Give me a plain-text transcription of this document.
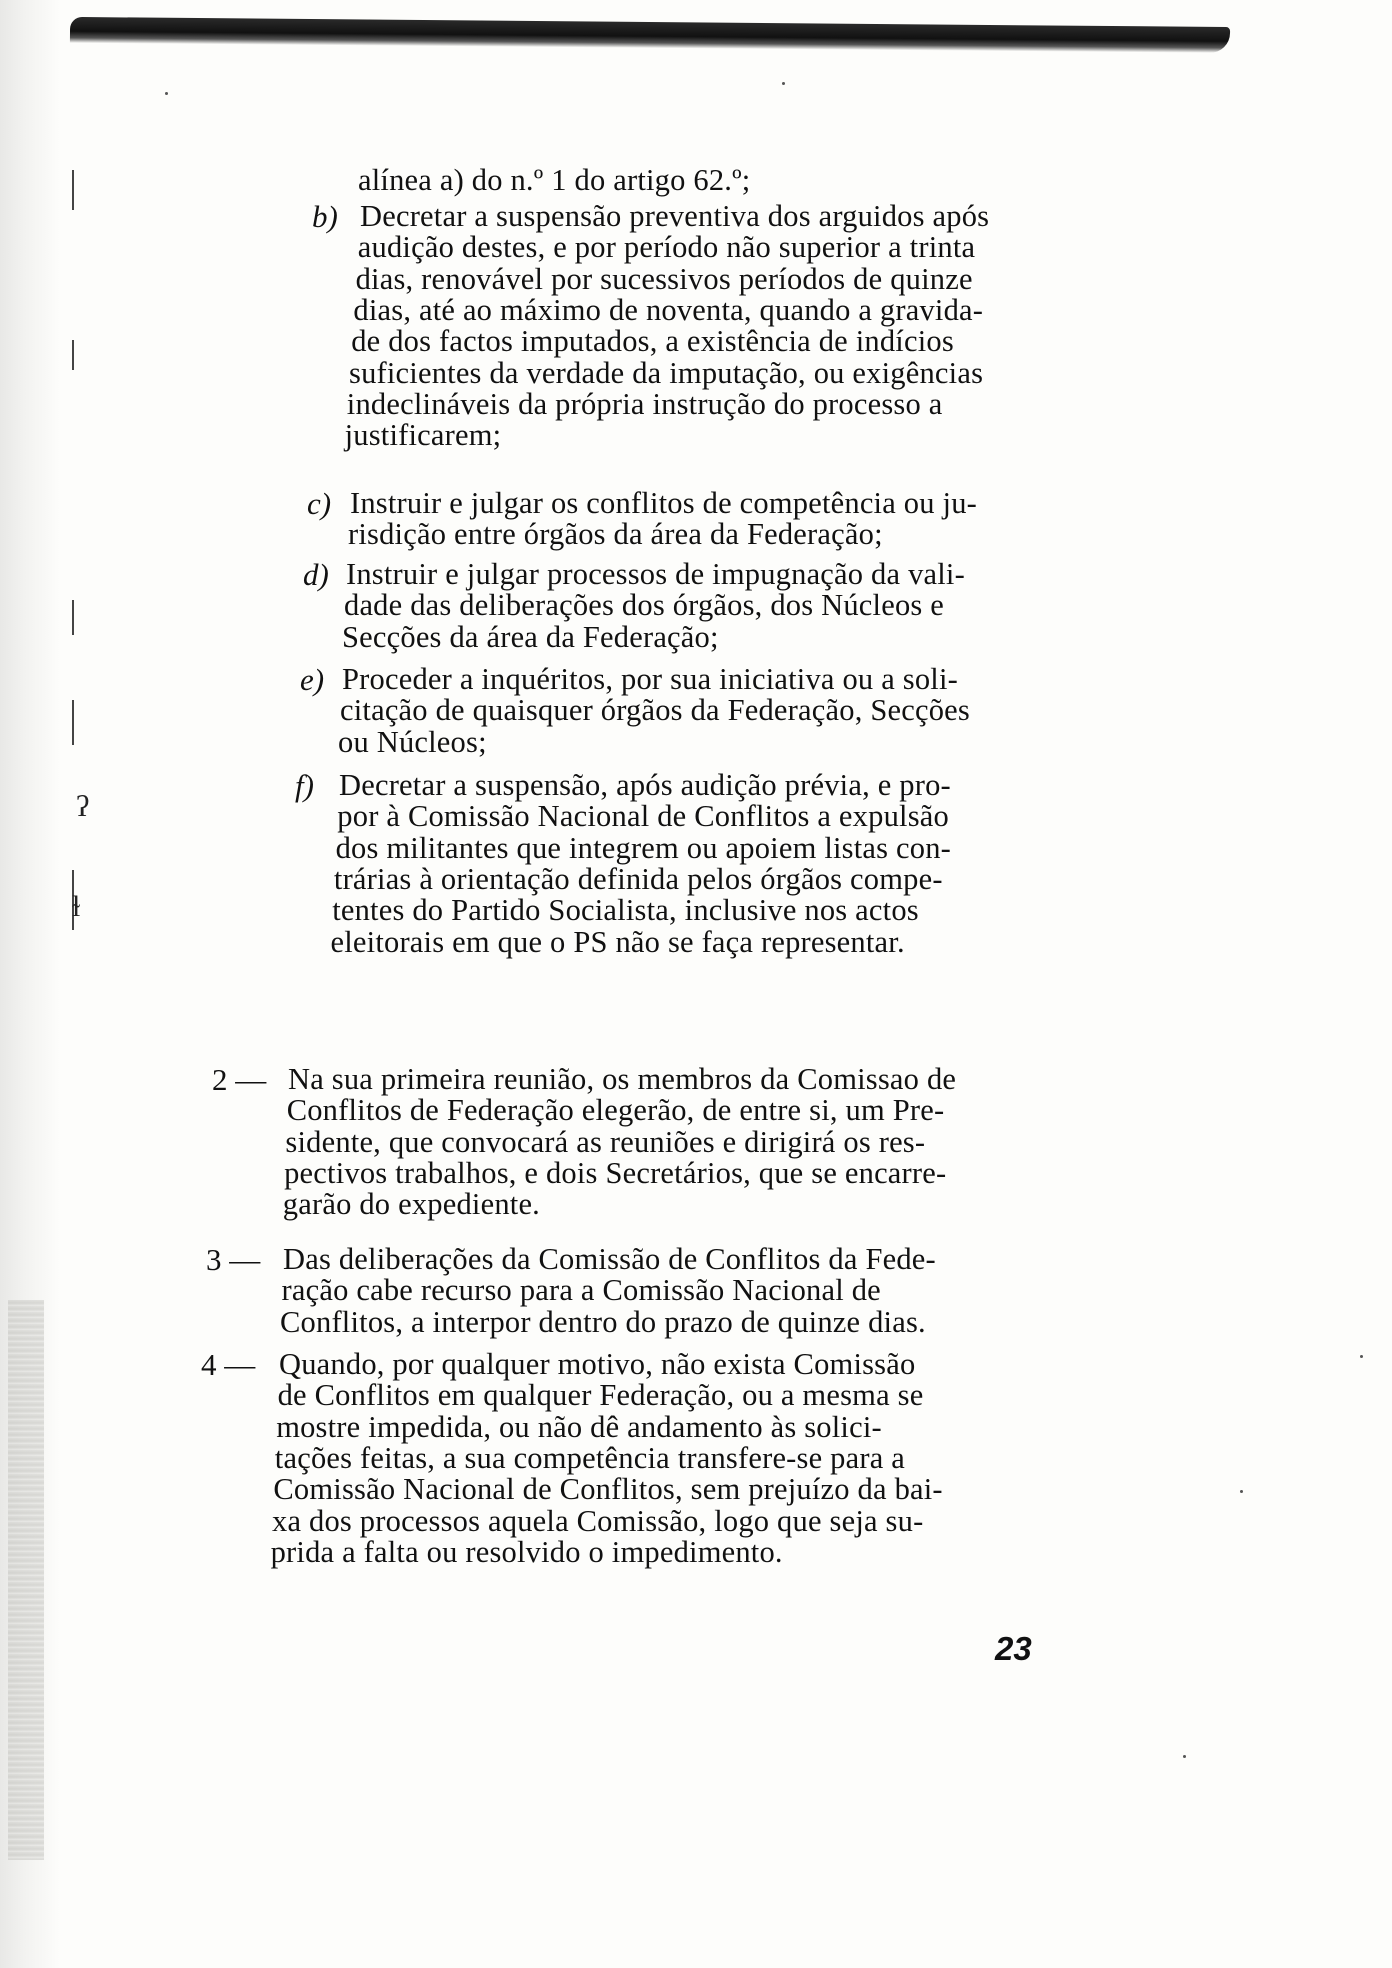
ʔ
ɫ
alínea a) do n.º 1 do artigo 62.º;
b) Decretar a suspensão preventiva dos arguidos após
audição destes, e por período não superior a trinta
dias, renovável por sucessivos períodos de quinze
dias, até ao máximo de noventa, quando a gravida-
de dos factos imputados, a existência de indícios
suficientes da verdade da imputação, ou exigências
indeclináveis da própria instrução do processo a
justificarem;
c) Instruir e julgar os conflitos de competência ou ju-
risdição entre órgãos da área da Federação;
d) Instruir e julgar processos de impugnação da vali-
dade das deliberações dos órgãos, dos Núcleos e
Secções da área da Federação;
e) Proceder a inquéritos, por sua iniciativa ou a soli-
citação de quaisquer órgãos da Federação, Secções
ou Núcleos;
f) Decretar a suspensão, após audição prévia, e pro-
por à Comissão Nacional de Conflitos a expulsão
dos militantes que integrem ou apoiem listas con-
trárias à orientação definida pelos órgãos compe-
tentes do Partido Socialista, inclusive nos actos
eleitorais em que o PS não se faça representar.
2 — Na sua primeira reunião, os membros da Comissao de
Conflitos de Federação elegerão, de entre si, um Pre-
sidente, que convocará as reuniões e dirigirá os res-
pectivos trabalhos, e dois Secretários, que se encarre-
garão do expediente.
3 — Das deliberações da Comissão de Conflitos da Fede-
ração cabe recurso para a Comissão Nacional de
Conflitos, a interpor dentro do prazo de quinze dias.
4 — Quando, por qualquer motivo, não exista Comissão
de Conflitos em qualquer Federação, ou a mesma se
mostre impedida, ou não dê andamento às solici-
tações feitas, a sua competência transfere-se para a
Comissão Nacional de Conflitos, sem prejuízo da bai-
xa dos processos aquela Comissão, logo que seja su-
prida a falta ou resolvido o impedimento.
23
